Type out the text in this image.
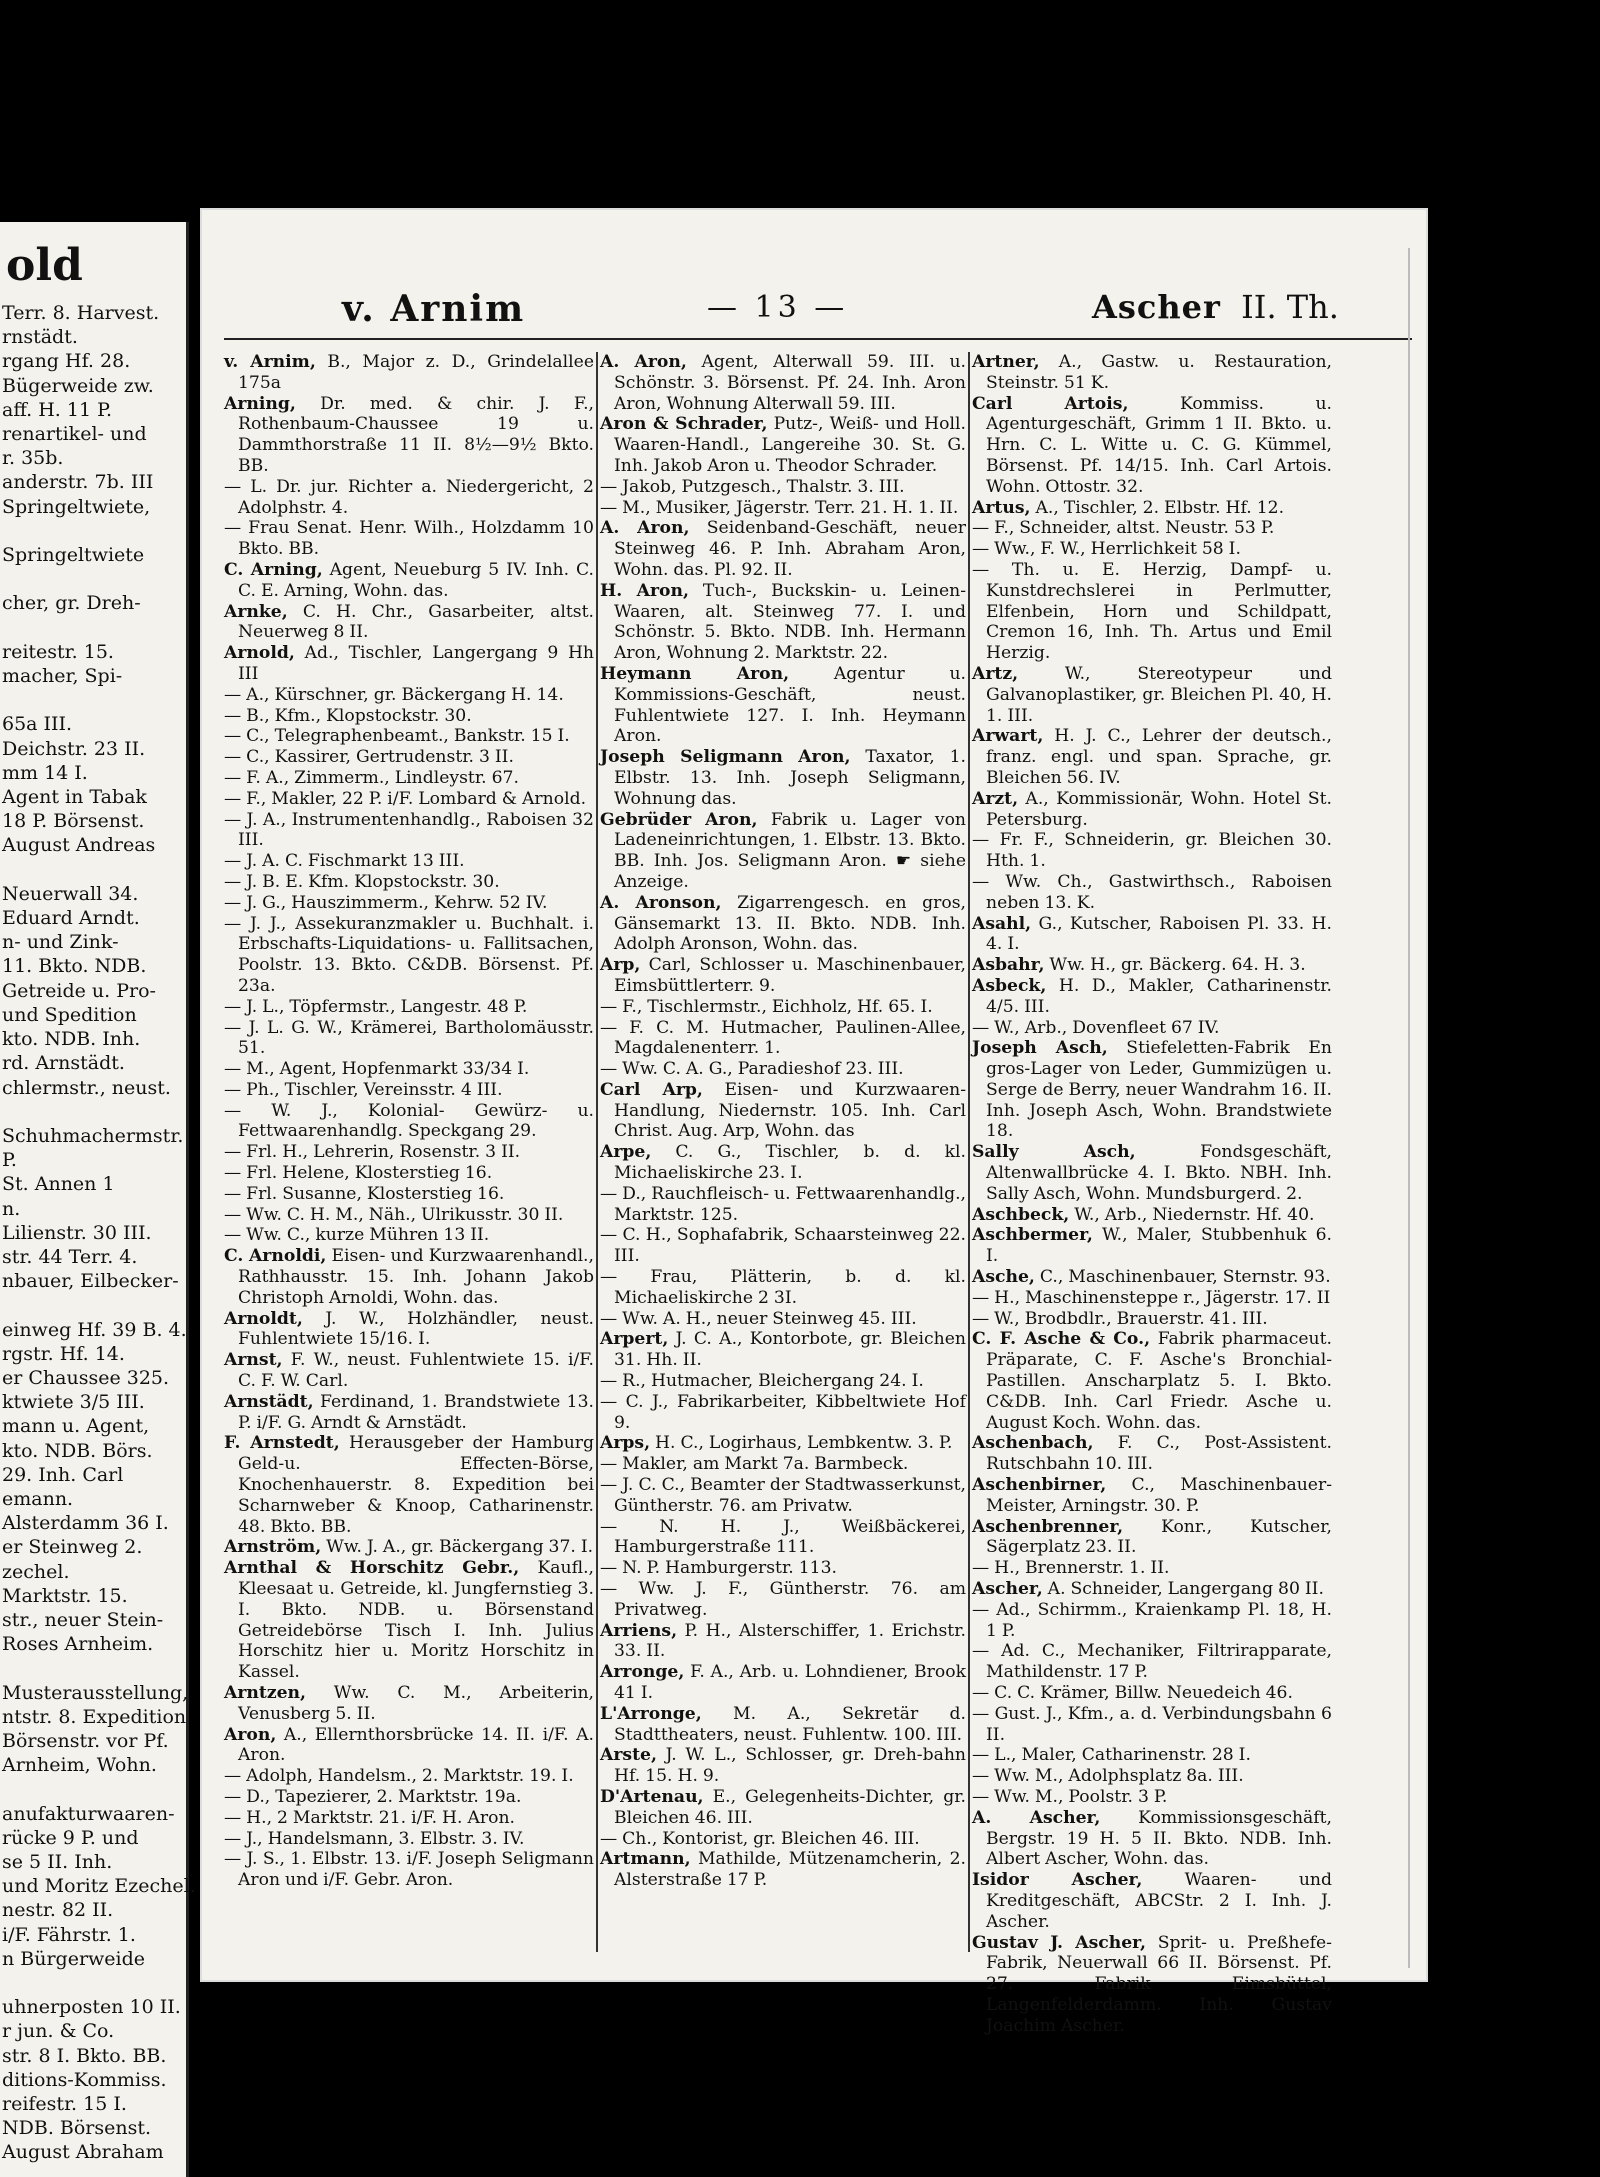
old
Terr. 8. Harvest.
rnstädt.
rgang Hf. 28.
Bügerweide zw.
aff. H. 11 P.
renartikel- und
r. 35b.
anderstr. 7b. III
Springeltwiete,

Springeltwiete

cher, gr. Dreh-

reitestr. 15.
macher, Spi-

65a III.
Deichstr. 23 II.
mm 14 I.
Agent in Tabak
18 P. Börsenst.
August Andreas

Neuerwall 34.
Eduard Arndt.
n- und Zink-
11. Bkto. NDB.
Getreide u. Pro-
und Spedition
kto. NDB. Inh.
rd. Arnstädt.
chlermstr., neust.

Schuhmachermstr.
P.
St. Annen 1
n.
Lilienstr. 30 III.
str. 44 Terr. 4.
nbauer, Eilbecker-

einweg Hf. 39 B. 4.
rgstr. Hf. 14.
er Chaussee 325.
ktwiete 3/5 III.
mann u. Agent,
kto. NDB. Börs.
29. Inh. Carl
emann.
Alsterdamm 36 I.
er Steinweg 2.
zechel.
Marktstr. 15.
str., neuer Stein-
Roses Arnheim.

Musterausstellung,
ntstr. 8. Expedition
Börsenstr. vor Pf.
Arnheim, Wohn.

anufakturwaaren-
rücke 9 P. und
se 5 II. Inh.
und Moritz Ezechel.
nestr. 82 II.
i/F. Fährstr. 1.
n Bürgerweide

uhnerposten 10 II.
r jun. & Co.
str. 8 I. Bkto. BB.
ditions-Kommiss.
reifestr. 15 I.
NDB. Börsenst.
August Abraham
v. Arnim	— 13 —	Ascher II. Th.
v. Arnim, B., Major z. D., Grindelallee 175a
Arning, Dr. med. & chir. J. F., Rothenbaum-Chaussee 19 u. Dammthorstraße 11 II. 8½—9½ Bkto. BB.
— L. Dr. jur. Richter a. Niedergericht, 2 Adolphstr. 4.
— Frau Senat. Henr. Wilh., Holzdamm 10 Bkto. BB.
C. Arning, Agent, Neueburg 5 IV. Inh. C. C. E. Arning, Wohn. das.
Arnke, C. H. Chr., Gasarbeiter, altst. Neuerweg 8 II.
Arnold, Ad., Tischler, Langergang 9 Hh III
— A., Kürschner, gr. Bäckergang H. 14.
— B., Kfm., Klopstockstr. 30.
— C., Telegraphenbeamt., Bankstr. 15 I.
— C., Kassirer, Gertrudenstr. 3 II.
— F. A., Zimmerm., Lindleystr. 67.
— F., Makler, 22 P. i/F. Lombard & Arnold.
— J. A., Instrumentenhandlg., Raboisen 32 III.
— J. A. C. Fischmarkt 13 III.
— J. B. E. Kfm. Klopstockstr. 30.
— J. G., Hauszimmerm., Kehrw. 52 IV.
— J. J., Assekuranzmakler u. Buchhalt. i. Erbschafts-Liquidations- u. Fallitsachen, Poolstr. 13. Bkto. C&DB. Börsenst. Pf. 23a.
— J. L., Töpfermstr., Langestr. 48 P.
— J. L. G. W., Krämerei, Bartholomäusstr. 51.
— M., Agent, Hopfenmarkt 33/34 I.
— Ph., Tischler, Vereinsstr. 4 III.
— W. J., Kolonial- Gewürz- u. Fettwaarenhandlg. Speckgang 29.
— Frl. H., Lehrerin, Rosenstr. 3 II.
— Frl. Helene, Klosterstieg 16.
— Frl. Susanne, Klosterstieg 16.
— Ww. C. H. M., Näh., Ulrikusstr. 30 II.
— Ww. C., kurze Mühren 13 II.
C. Arnoldi, Eisen- und Kurzwaarenhandl., Rathhausstr. 15. Inh. Johann Jakob Christoph Arnoldi, Wohn. das.
Arnoldt, J. W., Holzhändler, neust. Fuhlentwiete 15/16. I.
Arnst, F. W., neust. Fuhlentwiete 15. i/F. C. F. W. Carl.
Arnstädt, Ferdinand, 1. Brandstwiete 13. P. i/F. G. Arndt & Arnstädt.
F. Arnstedt, Herausgeber der Hamburg Geld-u. Effecten-Börse, Knochenhauerstr. 8. Expedition bei Scharnweber & Knoop, Catharinenstr. 48. Bkto. BB.
Arnström, Ww. J. A., gr. Bäckergang 37. I.
Arnthal & Horschitz Gebr., Kaufl., Kleesaat u. Getreide, kl. Jungfernstieg 3. I. Bkto. NDB. u. Börsenstand Getreidebörse Tisch I. Inh. Julius Horschitz hier u. Moritz Horschitz in Kassel.
Arntzen, Ww. C. M., Arbeiterin, Venusberg 5. II.
Aron, A., Ellernthorsbrücke 14. II. i/F. A. Aron.
— Adolph, Handelsm., 2. Marktstr. 19. I.
— D., Tapezierer, 2. Marktstr. 19a.
— H., 2 Marktstr. 21. i/F. H. Aron.
— J., Handelsmann, 3. Elbstr. 3. IV.
— J. S., 1. Elbstr. 13. i/F. Joseph Seligmann Aron und i/F. Gebr. Aron.
A. Aron, Agent, Alterwall 59. III. u. Schönstr. 3. Börsenst. Pf. 24. Inh. Aron Aron, Wohnung Alterwall 59. III.
Aron & Schrader, Putz-, Weiß- und Holl. Waaren-Handl., Langereihe 30. St. G. Inh. Jakob Aron u. Theodor Schrader.
— Jakob, Putzgesch., Thalstr. 3. III.
— M., Musiker, Jägerstr. Terr. 21. H. 1. II.
A. Aron, Seidenband-Geschäft, neuer Steinweg 46. P. Inh. Abraham Aron, Wohn. das. Pl. 92. II.
H. Aron, Tuch-, Buckskin- u. Leinen-Waaren, alt. Steinweg 77. I. und Schönstr. 5. Bkto. NDB. Inh. Hermann Aron, Wohnung 2. Marktstr. 22.
Heymann Aron, Agentur u. Kommissions-Geschäft, neust. Fuhlentwiete 127. I. Inh. Heymann Aron.
Joseph Seligmann Aron, Taxator, 1. Elbstr. 13. Inh. Joseph Seligmann, Wohnung das.
Gebrüder Aron, Fabrik u. Lager von Ladeneinrichtungen, 1. Elbstr. 13. Bkto. BB. Inh. Jos. Seligmann Aron. ☛ siehe Anzeige.
A. Aronson, Zigarrengesch. en gros, Gänsemarkt 13. II. Bkto. NDB. Inh. Adolph Aronson, Wohn. das.
Arp, Carl, Schlosser u. Maschinenbauer, Eimsbüttlerterr. 9.
— F., Tischlermstr., Eichholz, Hf. 65. I.
— F. C. M. Hutmacher, Paulinen-Allee, Magdalenenterr. 1.
— Ww. C. A. G., Paradieshof 23. III.
Carl Arp, Eisen- und Kurzwaaren-Handlung, Niedernstr. 105. Inh. Carl Christ. Aug. Arp, Wohn. das
Arpe, C. G., Tischler, b. d. kl. Michaeliskirche 23. I.
— D., Rauchfleisch- u. Fettwaarenhandlg., Marktstr. 125.
— C. H., Sophafabrik, Schaarsteinweg 22. III.
— Frau, Plätterin, b. d. kl. Michaeliskirche 2 3I.
— Ww. A. H., neuer Steinweg 45. III.
Arpert, J. C. A., Kontorbote, gr. Bleichen 31. Hh. II.
— R., Hutmacher, Bleichergang 24. I.
— C. J., Fabrikarbeiter, Kibbeltwiete Hof 9.
Arps, H. C., Logirhaus, Lembkentw. 3. P.
— Makler, am Markt 7a. Barmbeck.
— J. C. C., Beamter der Stadtwasserkunst, Güntherstr. 76. am Privatw.
— N. H. J., Weißbäckerei, Hamburgerstraße 111.
— N. P. Hamburgerstr. 113.
— Ww. J. F., Güntherstr. 76. am Privatweg.
Arriens, P. H., Alsterschiffer, 1. Erichstr. 33. II.
Arronge, F. A., Arb. u. Lohndiener, Brook 41 I.
L'Arronge, M. A., Sekretär d. Stadttheaters, neust. Fuhlentw. 100. III.
Arste, J. W. L., Schlosser, gr. Dreh-bahn Hf. 15. H. 9.
D'Artenau, E., Gelegenheits-Dichter, gr. Bleichen 46. III.
— Ch., Kontorist, gr. Bleichen 46. III.
Artmann, Mathilde, Mützenamcherin, 2. Alsterstraße 17 P.
Artner, A., Gastw. u. Restauration, Steinstr. 51 K.
Carl Artois, Kommiss. u. Agenturgeschäft, Grimm 1 II. Bkto. u. Hrn. C. L. Witte u. C. G. Kümmel, Börsenst. Pf. 14/15. Inh. Carl Artois. Wohn. Ottostr. 32.
Artus, A., Tischler, 2. Elbstr. Hf. 12.
— F., Schneider, altst. Neustr. 53 P.
— Ww., F. W., Herrlichkeit 58 I.
— Th. u. E. Herzig, Dampf- u. Kunstdrechslerei in Perlmutter, Elfenbein, Horn und Schildpatt, Cremon 16, Inh. Th. Artus und Emil Herzig.
Artz, W., Stereotypeur und Galvanoplastiker, gr. Bleichen Pl. 40, H. 1. III.
Arwart, H. J. C., Lehrer der deutsch., franz. engl. und span. Sprache, gr. Bleichen 56. IV.
Arzt, A., Kommissionär, Wohn. Hotel St. Petersburg.
— Fr. F., Schneiderin, gr. Bleichen 30. Hth. 1.
— Ww. Ch., Gastwirthsch., Raboisen neben 13. K.
Asahl, G., Kutscher, Raboisen Pl. 33. H. 4. I.
Asbahr, Ww. H., gr. Bäckerg. 64. H. 3.
Asbeck, H. D., Makler, Catharinenstr. 4/5. III.
— W., Arb., Dovenfleet 67 IV.
Joseph Asch, Stiefeletten-Fabrik En gros-Lager von Leder, Gummizügen u. Serge de Berry, neuer Wandrahm 16. II. Inh. Joseph Asch, Wohn. Brandstwiete 18.
Sally Asch, Fondsgeschäft, Altenwallbrücke 4. I. Bkto. NBH. Inh. Sally Asch, Wohn. Mundsburgerd. 2.
Aschbeck, W., Arb., Niedernstr. Hf. 40.
Aschbermer, W., Maler, Stubbenhuk 6. I.
Asche, C., Maschinenbauer, Sternstr. 93.
— H., Maschinensteppe r., Jägerstr. 17. II
— W., Brodbdlr., Brauerstr. 41. III.
C. F. Asche & Co., Fabrik pharmaceut. Präparate, C. F. Asche's Bronchial-Pastillen. Anscharplatz 5. I. Bkto. C&DB. Inh. Carl Friedr. Asche u. August Koch. Wohn. das.
Aschenbach, F. C., Post-Assistent. Rutschbahn 10. III.
Aschenbirner, C., Maschinenbauer-Meister, Arningstr. 30. P.
Aschenbrenner, Konr., Kutscher, Sägerplatz 23. II.
— H., Brennerstr. 1. II.
Ascher, A. Schneider, Langergang 80 II.
— Ad., Schirmm., Kraienkamp Pl. 18, H. 1 P.
— Ad. C., Mechaniker, Filtrirapparate, Mathildenstr. 17 P.
— C. C. Krämer, Billw. Neuedeich 46.
— Gust. J., Kfm., a. d. Verbindungsbahn 6 II.
— L., Maler, Catharinenstr. 28 I.
— Ww. M., Adolphsplatz 8a. III.
— Ww. M., Poolstr. 3 P.
A. Ascher, Kommissionsgeschäft, Bergstr. 19 H. 5 II. Bkto. NDB. Inh. Albert Ascher, Wohn. das.
Isidor Ascher, Waaren- und Kreditgeschäft, ABCStr. 2 I. Inh. J. Ascher.
Gustav J. Ascher, Sprit- u. Preßhefe-Fabrik, Neuerwall 66 II. Börsenst. Pf. 27. Fabrik Eimsbüttel, Langenfelderdamm. Inh. Gustav Joachim Ascher.
